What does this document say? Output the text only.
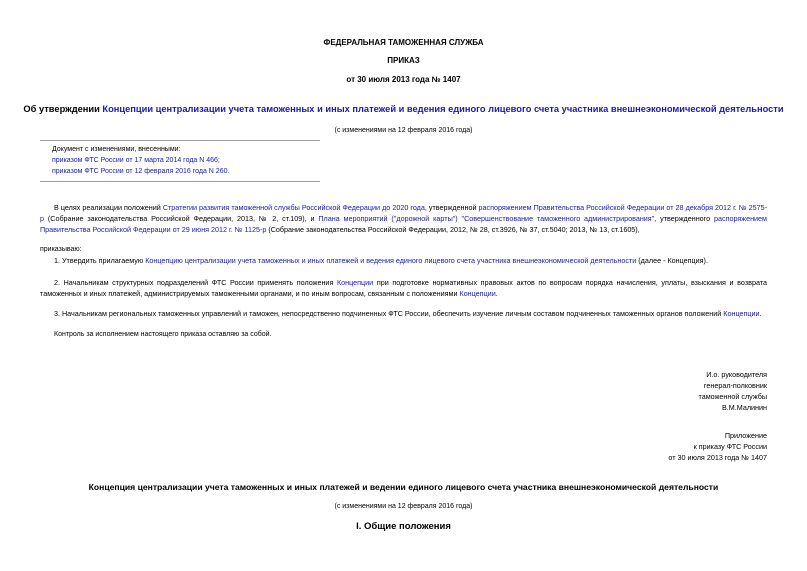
ФЕДЕРАЛЬНАЯ ТАМОЖЕННАЯ СЛУЖБА
ПРИКАЗ
от 30 июля 2013 года № 1407
Об утверждении Концепции централизации учета таможенных и иных платежей и ведения единого лицевого счета участника внешнеэкономической деятельности
(с изменениями на 12 февраля 2016 года)
Документ с изменениями, внесенными:
приказом ФТС России от 17 марта 2014 года N 466;
приказом ФТС России от 12 февраля 2016 года N 260.
В целях реализации положений Стратегии развития таможенной службы Российской Федерации до 2020 года, утвержденной распоряжением Правительства Российской Федерации от 28 декабря 2012 г. № 2575-р (Собрание законодательства Российской Федерации, 2013, № 2, ст.109), и Плана мероприятий ("дорожной карты") "Совершенствование таможенного администрирования", утвержденного распоряжением Правительства Российской Федерации от 29 июня 2012 г. № 1125-р (Собрание законодательства Российской Федерации, 2012, № 28, ст.3926, № 37, ст.5040; 2013, № 13, ст.1605),
приказываю:
1. Утвердить прилагаемую Концепцию централизации учета таможенных и иных платежей и ведения единого лицевого счета участника внешнеэкономической деятельности (далее - Концепция).
2. Начальникам структурных подразделений ФТС России применять положения Концепции при подготовке нормативных правовых актов по вопросам порядка начисления, уплаты, взыскания и возврата таможенных и иных платежей, администрируемых таможенными органами, и по иным вопросам, связанным с положениями Концепции.
3. Начальникам региональных таможенных управлений и таможен, непосредственно подчиненных ФТС России, обеспечить изучение личным составом подчиненных таможенных органов положений Концепции.
Контроль за исполнением настоящего приказа оставляю за собой.
И.о. руководителя
генерал-полковник
таможенной службы
В.М.Малинин
Приложение
к приказу ФТС России
от 30 июля 2013 года № 1407
Концепция централизации учета таможенных и иных платежей и ведении единого лицевого счета участника внешнеэкономической деятельности
(с изменениями на 12 февраля 2016 года)
I. Общие положения
